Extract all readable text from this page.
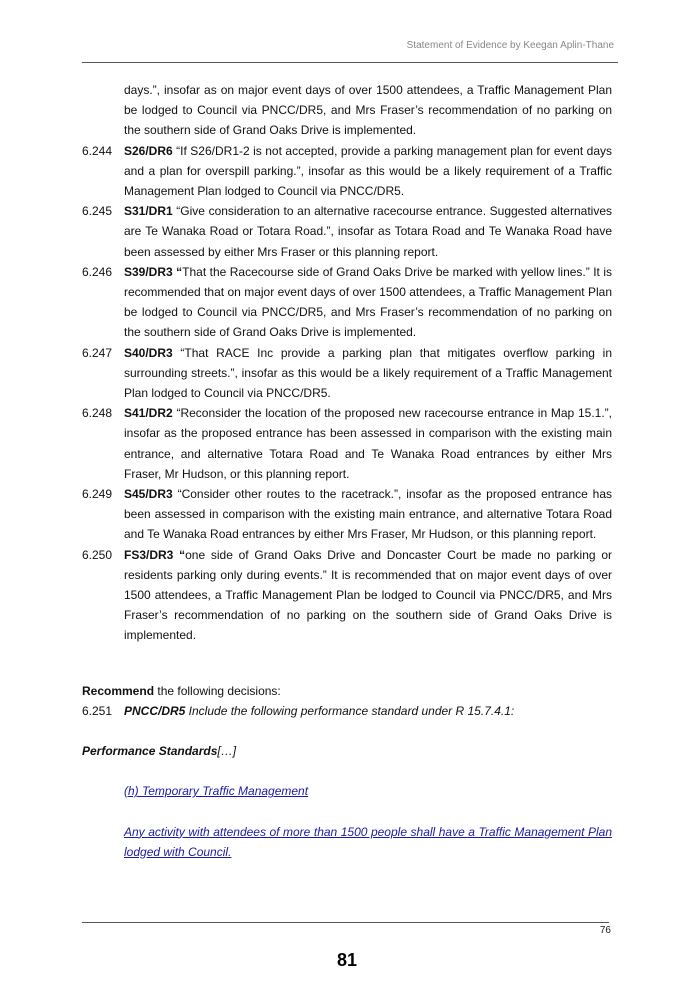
Statement of Evidence by Keegan Aplin-Thane
days.”, insofar as on major event days of over 1500 attendees, a Traffic Management Plan be lodged to Council via PNCC/DR5, and Mrs Fraser’s recommendation of no parking on the southern side of Grand Oaks Drive is implemented.
6.244 S26/DR6 “If S26/DR1-2 is not accepted, provide a parking management plan for event days and a plan for overspill parking.”, insofar as this would be a likely requirement of a Traffic Management Plan lodged to Council via PNCC/DR5.
6.245 S31/DR1 “Give consideration to an alternative racecourse entrance. Suggested alternatives are Te Wanaka Road or Totara Road.”, insofar as Totara Road and Te Wanaka Road have been assessed by either Mrs Fraser or this planning report.
6.246 S39/DR3 “That the Racecourse side of Grand Oaks Drive be marked with yellow lines.” It is recommended that on major event days of over 1500 attendees, a Traffic Management Plan be lodged to Council via PNCC/DR5, and Mrs Fraser’s recommendation of no parking on the southern side of Grand Oaks Drive is implemented.
6.247 S40/DR3 “That RACE Inc provide a parking plan that mitigates overflow parking in surrounding streets.”, insofar as this would be a likely requirement of a Traffic Management Plan lodged to Council via PNCC/DR5.
6.248 S41/DR2 “Reconsider the location of the proposed new racecourse entrance in Map 15.1.”, insofar as the proposed entrance has been assessed in comparison with the existing main entrance, and alternative Totara Road and Te Wanaka Road entrances by either Mrs Fraser, Mr Hudson, or this planning report.
6.249 S45/DR3 “Consider other routes to the racetrack.”, insofar as the proposed entrance has been assessed in comparison with the existing main entrance, and alternative Totara Road and Te Wanaka Road entrances by either Mrs Fraser, Mr Hudson, or this planning report.
6.250 FS3/DR3 “one side of Grand Oaks Drive and Doncaster Court be made no parking or residents parking only during events.” It is recommended that on major event days of over 1500 attendees, a Traffic Management Plan be lodged to Council via PNCC/DR5, and Mrs Fraser’s recommendation of no parking on the southern side of Grand Oaks Drive is implemented.
Recommend the following decisions:
6.251 PNCC/DR5 Include the following performance standard under R 15.7.4.1:
Performance Standards[…]
(h) Temporary Traffic Management
Any activity with attendees of more than 1500 people shall have a Traffic Management Plan lodged with Council.
76
81
